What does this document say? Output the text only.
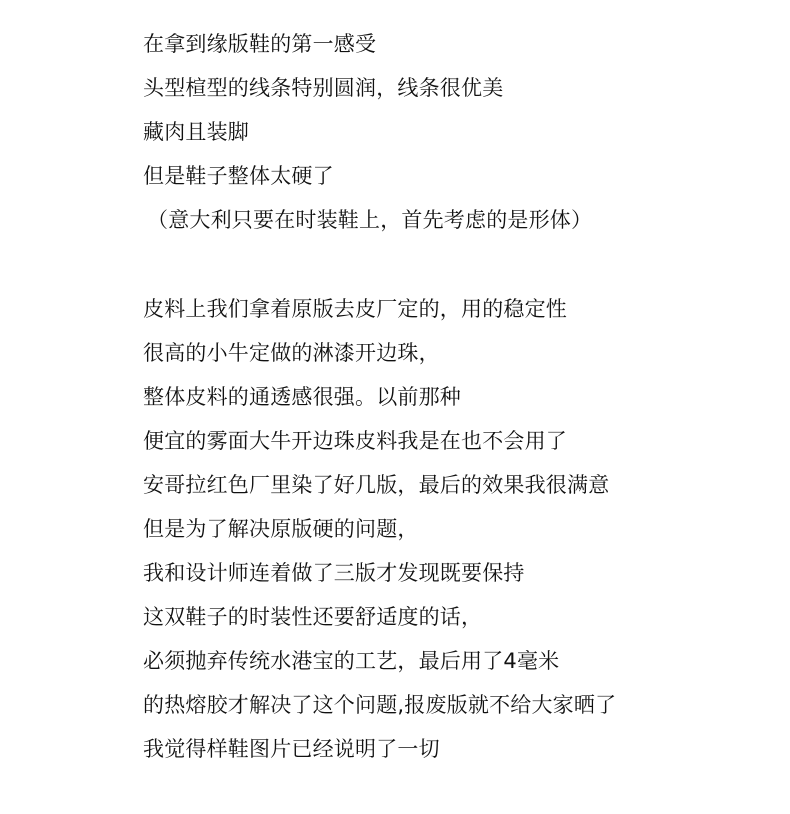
在拿到缘版鞋的第一感受
头型楦型的线条特别圆润，线条很优美
藏肉且装脚
但是鞋子整体太硬了
（意大利只要在时装鞋上，首先考虑的是形体）
皮料上我们拿着原版去皮厂定的，用的稳定性
很高的小牛定做的淋漆开边珠，
整体皮料的通透感很强。以前那种
便宜的雾面大牛开边珠皮料我是在也不会用了
安哥拉红色厂里染了好几版，最后的效果我很满意
但是为了解决原版硬的问题，
我和设计师连着做了三版才发现既要保持
这双鞋子的时装性还要舒适度的话，
必须抛弃传统水港宝的工艺，最后用了4毫米
的热熔胶才解决了这个问题,报废版就不给大家晒了
我觉得样鞋图片已经说明了一切
